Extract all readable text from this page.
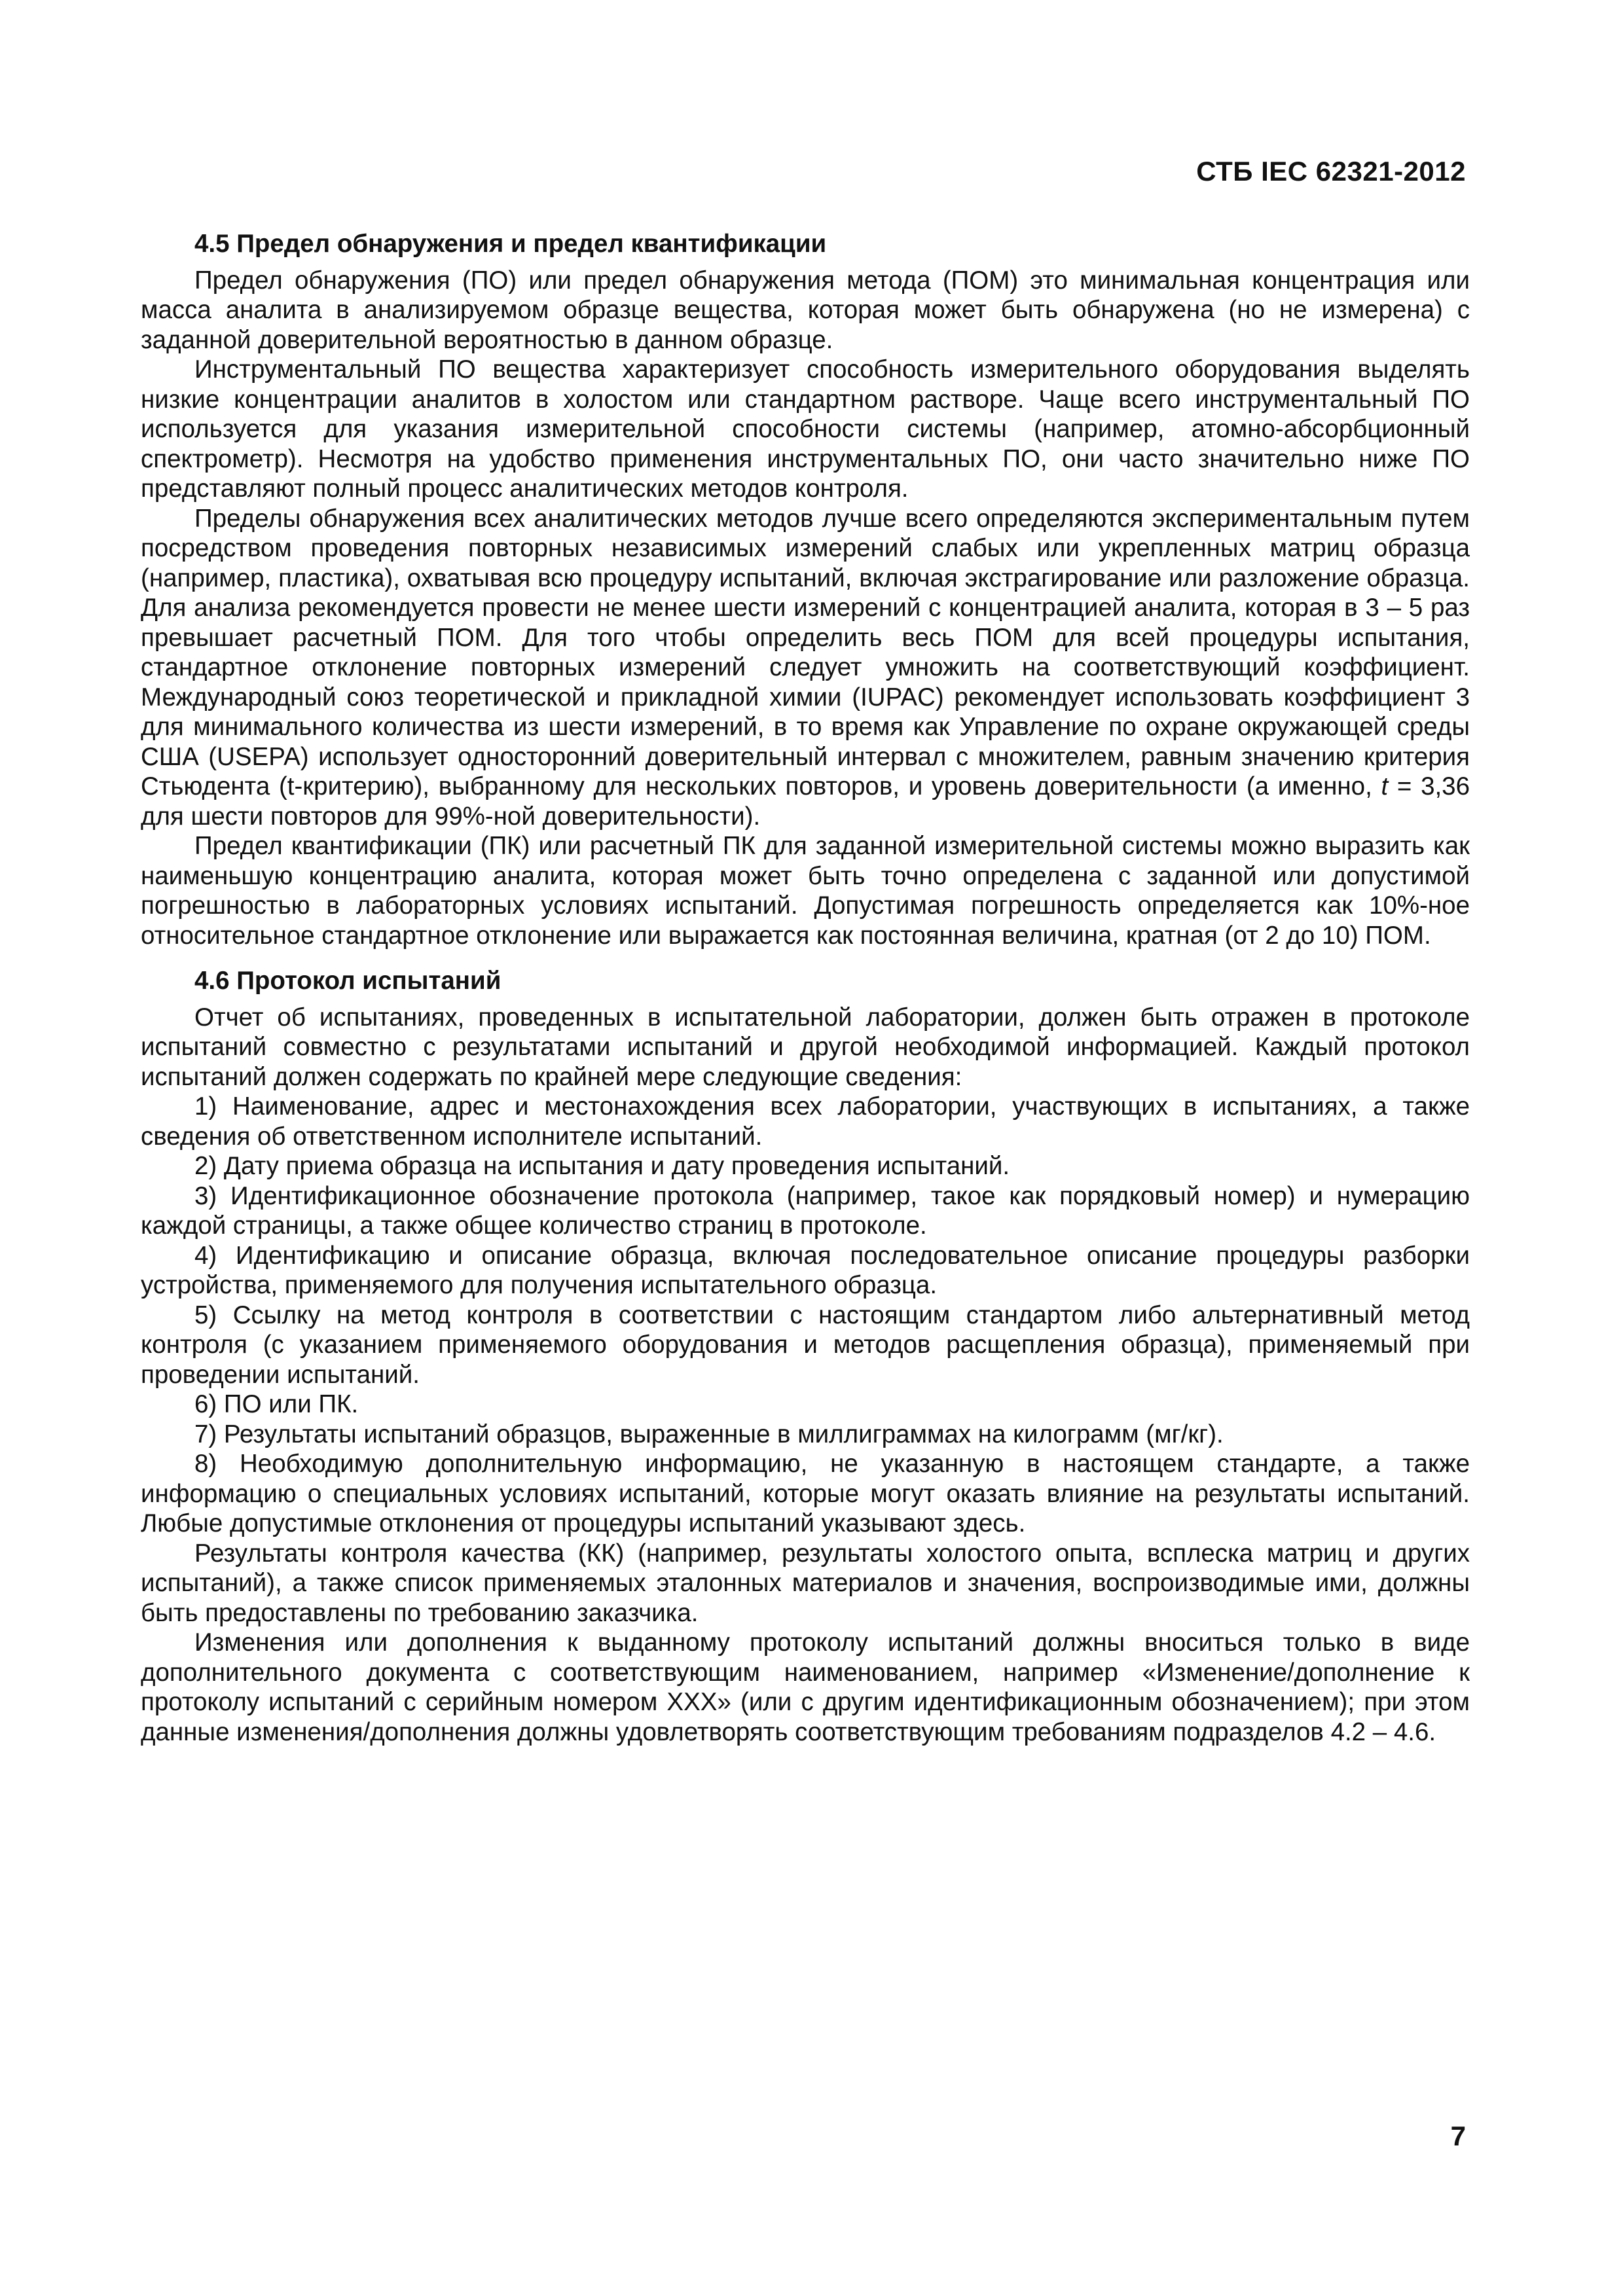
СТБ IEC 62321-2012
4.5 Предел обнаружения и предел квантификации

Предел обнаружения (ПО) или предел обнаружения метода (ПОМ) это минимальная концентрация или масса аналита в анализируемом образце вещества, которая может быть обнаружена (но не измерена) с заданной доверительной вероятностью в данном образце.

Инструментальный ПО вещества характеризует способность измерительного оборудования выделять низкие концентрации аналитов в холостом или стандартном растворе. Чаще всего инструментальный ПО используется для указания измерительной способности системы (например, атомно-абсорбционный спектрометр). Несмотря на удобство применения инструментальных ПО, они часто значительно ниже ПО представляют полный процесс аналитических методов контроля.

Пределы обнаружения всех аналитических методов лучше всего определяются экспериментальным путем посредством проведения повторных независимых измерений слабых или укрепленных матриц образца (например, пластика), охватывая всю процедуру испытаний, включая экстрагирование или разложение образца. Для анализа рекомендуется провести не менее шести измерений с концентрацией аналита, которая в 3 – 5 раз превышает расчетный ПОМ. Для того чтобы определить весь ПОМ для всей процедуры испытания, стандартное отклонение повторных измерений следует умножить на соответствующий коэффициент. Международный союз теоретической и прикладной химии (IUPAC) рекомендует использовать коэффициент 3 для минимального количества из шести измерений, в то время как Управление по охране окружающей среды США (USEPA) использует односторонний доверительный интервал с множителем, равным значению критерия Стьюдента (t-критерию), выбранному для нескольких повторов, и уровень доверительности (а именно, t = 3,36 для шести повторов для 99%-ной доверительности).

Предел квантификации (ПК) или расчетный ПК для заданной измерительной системы можно выразить как наименьшую концентрацию аналита, которая может быть точно определена с заданной или допустимой погрешностью в лабораторных условиях испытаний. Допустимая погрешность определяется как 10%-ное относительное стандартное отклонение или выражается как постоянная величина, кратная (от 2 до 10) ПОМ.

4.6 Протокол испытаний

Отчет об испытаниях, проведенных в испытательной лаборатории, должен быть отражен в протоколе испытаний совместно с результатами испытаний и другой необходимой информацией. Каждый протокол испытаний должен содержать по крайней мере следующие сведения:

1) Наименование, адрес и местонахождения всех лаборатории, участвующих в испытаниях, а также сведения об ответственном исполнителе испытаний.

2) Дату приема образца на испытания и дату проведения испытаний.

3) Идентификационное обозначение протокола (например, такое как порядковый номер) и нумерацию каждой страницы, а также общее количество страниц в протоколе.

4) Идентификацию и описание образца, включая последовательное описание процедуры разборки устройства, применяемого для получения испытательного образца.

5) Ссылку на метод контроля в соответствии с настоящим стандартом либо альтернативный метод контроля (с указанием применяемого оборудования и методов расщепления образца), применяемый при проведении испытаний.

6) ПО или ПК.

7) Результаты испытаний образцов, выраженные в миллиграммах на килограмм (мг/кг).

8) Необходимую дополнительную информацию, не указанную в настоящем стандарте, а также информацию о специальных условиях испытаний, которые могут оказать влияние на результаты испытаний. Любые допустимые отклонения от процедуры испытаний указывают здесь.

Результаты контроля качества (КК) (например, результаты холостого опыта, всплеска матриц и других испытаний), а также список применяемых эталонных материалов и значения, воспроизводимые ими, должны быть предоставлены по требованию заказчика.

Изменения или дополнения к выданному протоколу испытаний должны вноситься только в виде дополнительного документа с соответствующим наименованием, например «Изменение/дополнение к протоколу испытаний с серийным номером XXX» (или с другим идентификационным обозначением); при этом данные изменения/дополнения должны удовлетворять соответствующим требованиям подразделов 4.2 – 4.6.

7
